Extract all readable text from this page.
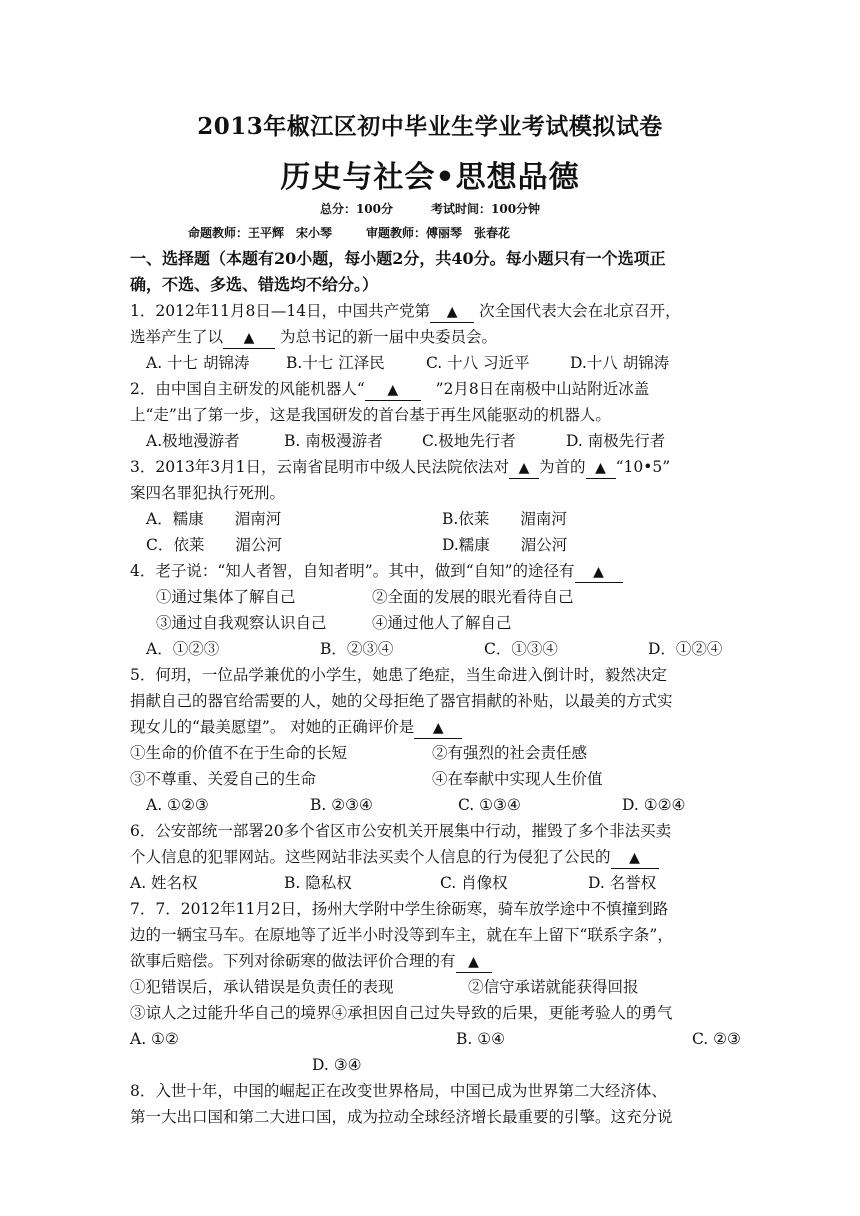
2013年椒江区初中毕业生学业考试模拟试卷
历史与社会•思想品德
总分：100分	考试时间：100分钟
命题教师：王平辉　宋小琴	审题教师：傅丽琴　张春花
一、选择题（本题有20小题，每小题2分，共40分。每小题只有一个选项正
确，不选、多选、错选均不给分。）
1．2012年11月8日—14日，中国共产党第 ▲ 次全国代表大会在北京召开，
选举产生了以 ▲ 为总书记的新一届中央委员会。
A. 十七 胡锦涛 B.十七 江泽民	C. 十八 习近平	D.十八 胡锦涛
2．由中国自主研发的风能机器人“ ▲ ”2月8日在南极中山站附近冰盖
上“走”出了第一步，这是我国研发的首台基于再生风能驱动的机器人。
A.极地漫游者	B. 南极漫游者	C.极地先行者	D. 南极先行者
3．2013年3月1日，云南省昆明市中级人民法院依法对 ▲ 为首的 ▲ “10•5”
案四名罪犯执行死刑。
A．糯康　　湄南河	B.依莱　　湄南河
C．依莱　　湄公河	D.糯康　　湄公河
4．老子说：“知人者智，自知者明”。其中，做到“自知”的途径有 ▲
①通过集体了解自己	②全面的发展的眼光看待自己
③通过自我观察认识自己	④通过他人了解自己
A．①②③	B．②③④	C．①③④	D．①②④
5．何玥，一位品学兼优的小学生，她患了绝症，当生命进入倒计时，毅然决定
捐献自己的器官给需要的人，她的父母拒绝了器官捐献的补贴，以最美的方式实
现女儿的“最美愿望”。 对她的正确评价是 ▲
①生命的价值不在于生命的长短	②有强烈的社会责任感
③不尊重、关爱自己的生命	④在奉献中实现人生价值
A. ①②③	B. ②③④	C. ①③④	D. ①②④
6．公安部统一部署20多个省区市公安机关开展集中行动，摧毁了多个非法买卖
个人信息的犯罪网站。这些网站非法买卖个人信息的行为侵犯了公民的 ▲
A. 姓名权	B. 隐私权	C. 肖像权	D. 名誉权
7．7．2012年11月2日，扬州大学附中学生徐砺寒，骑车放学途中不慎撞到路
边的一辆宝马车。在原地等了近半小时没等到车主，就在车上留下“联系字条”，
欲事后赔偿。下列对徐砺寒的做法评价合理的有 ▲
①犯错误后，承认错误是负责任的表现	②信守承诺就能获得回报
③谅人之过能升华自己的境界④承担因自己过失导致的后果，更能考验人的勇气
A. ①②	B. ①④	C. ②③
D. ③④
8．入世十年，中国的崛起正在改变世界格局，中国已成为世界第二大经济体、
第一大出口国和第二大进口国，成为拉动全球经济增长最重要的引擎。这充分说
